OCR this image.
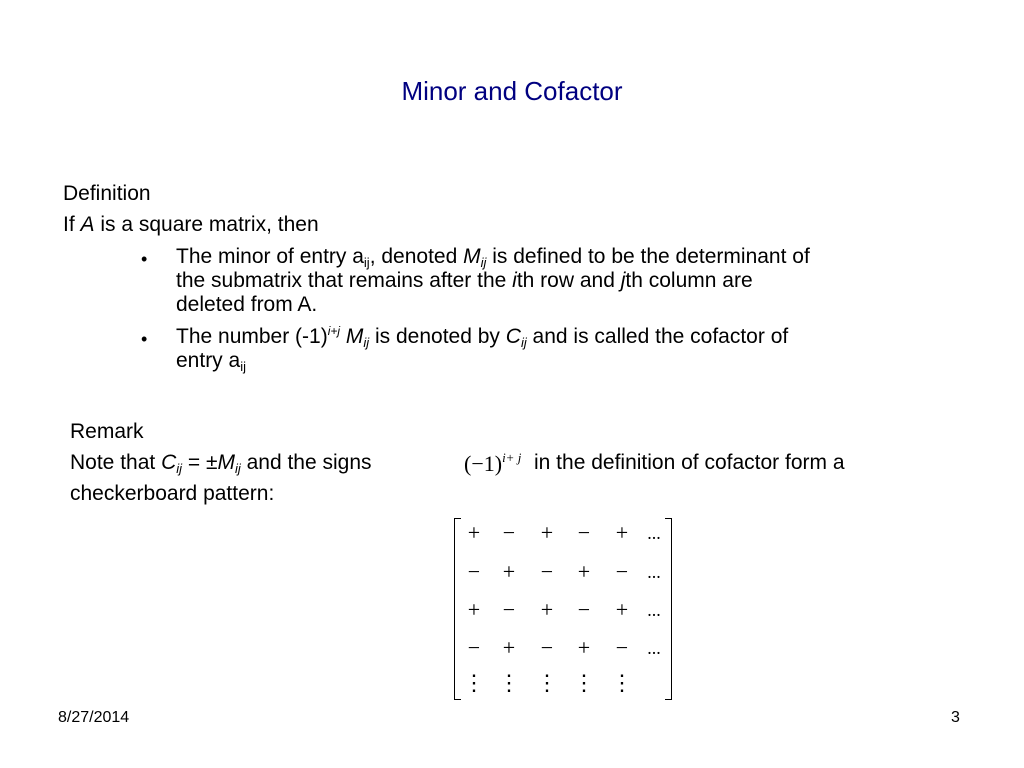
Minor and Cofactor
Definition
If A is a square matrix, then
• The minor of entry aij, denoted Mij is defined to be the determinant of
the submatrix that remains after the ith row and jth column are
deleted from A.
• The number $(-1)^{i+j}$ Mij is denoted by Cij and is called the cofactor of
entry aij
Remark
Note that Cij = ±Mij and the signs	$(-1)^{i+ j}$ in the definition of cofactor form a
checkerboard pattern:
+	−	+	−	+	...
−	+	−	+	−	...
+	−	+	−	+	...
−	+	−	+	−	...
⋮ ⋮ ⋮ ⋮ ⋮
8/27/2014	3
